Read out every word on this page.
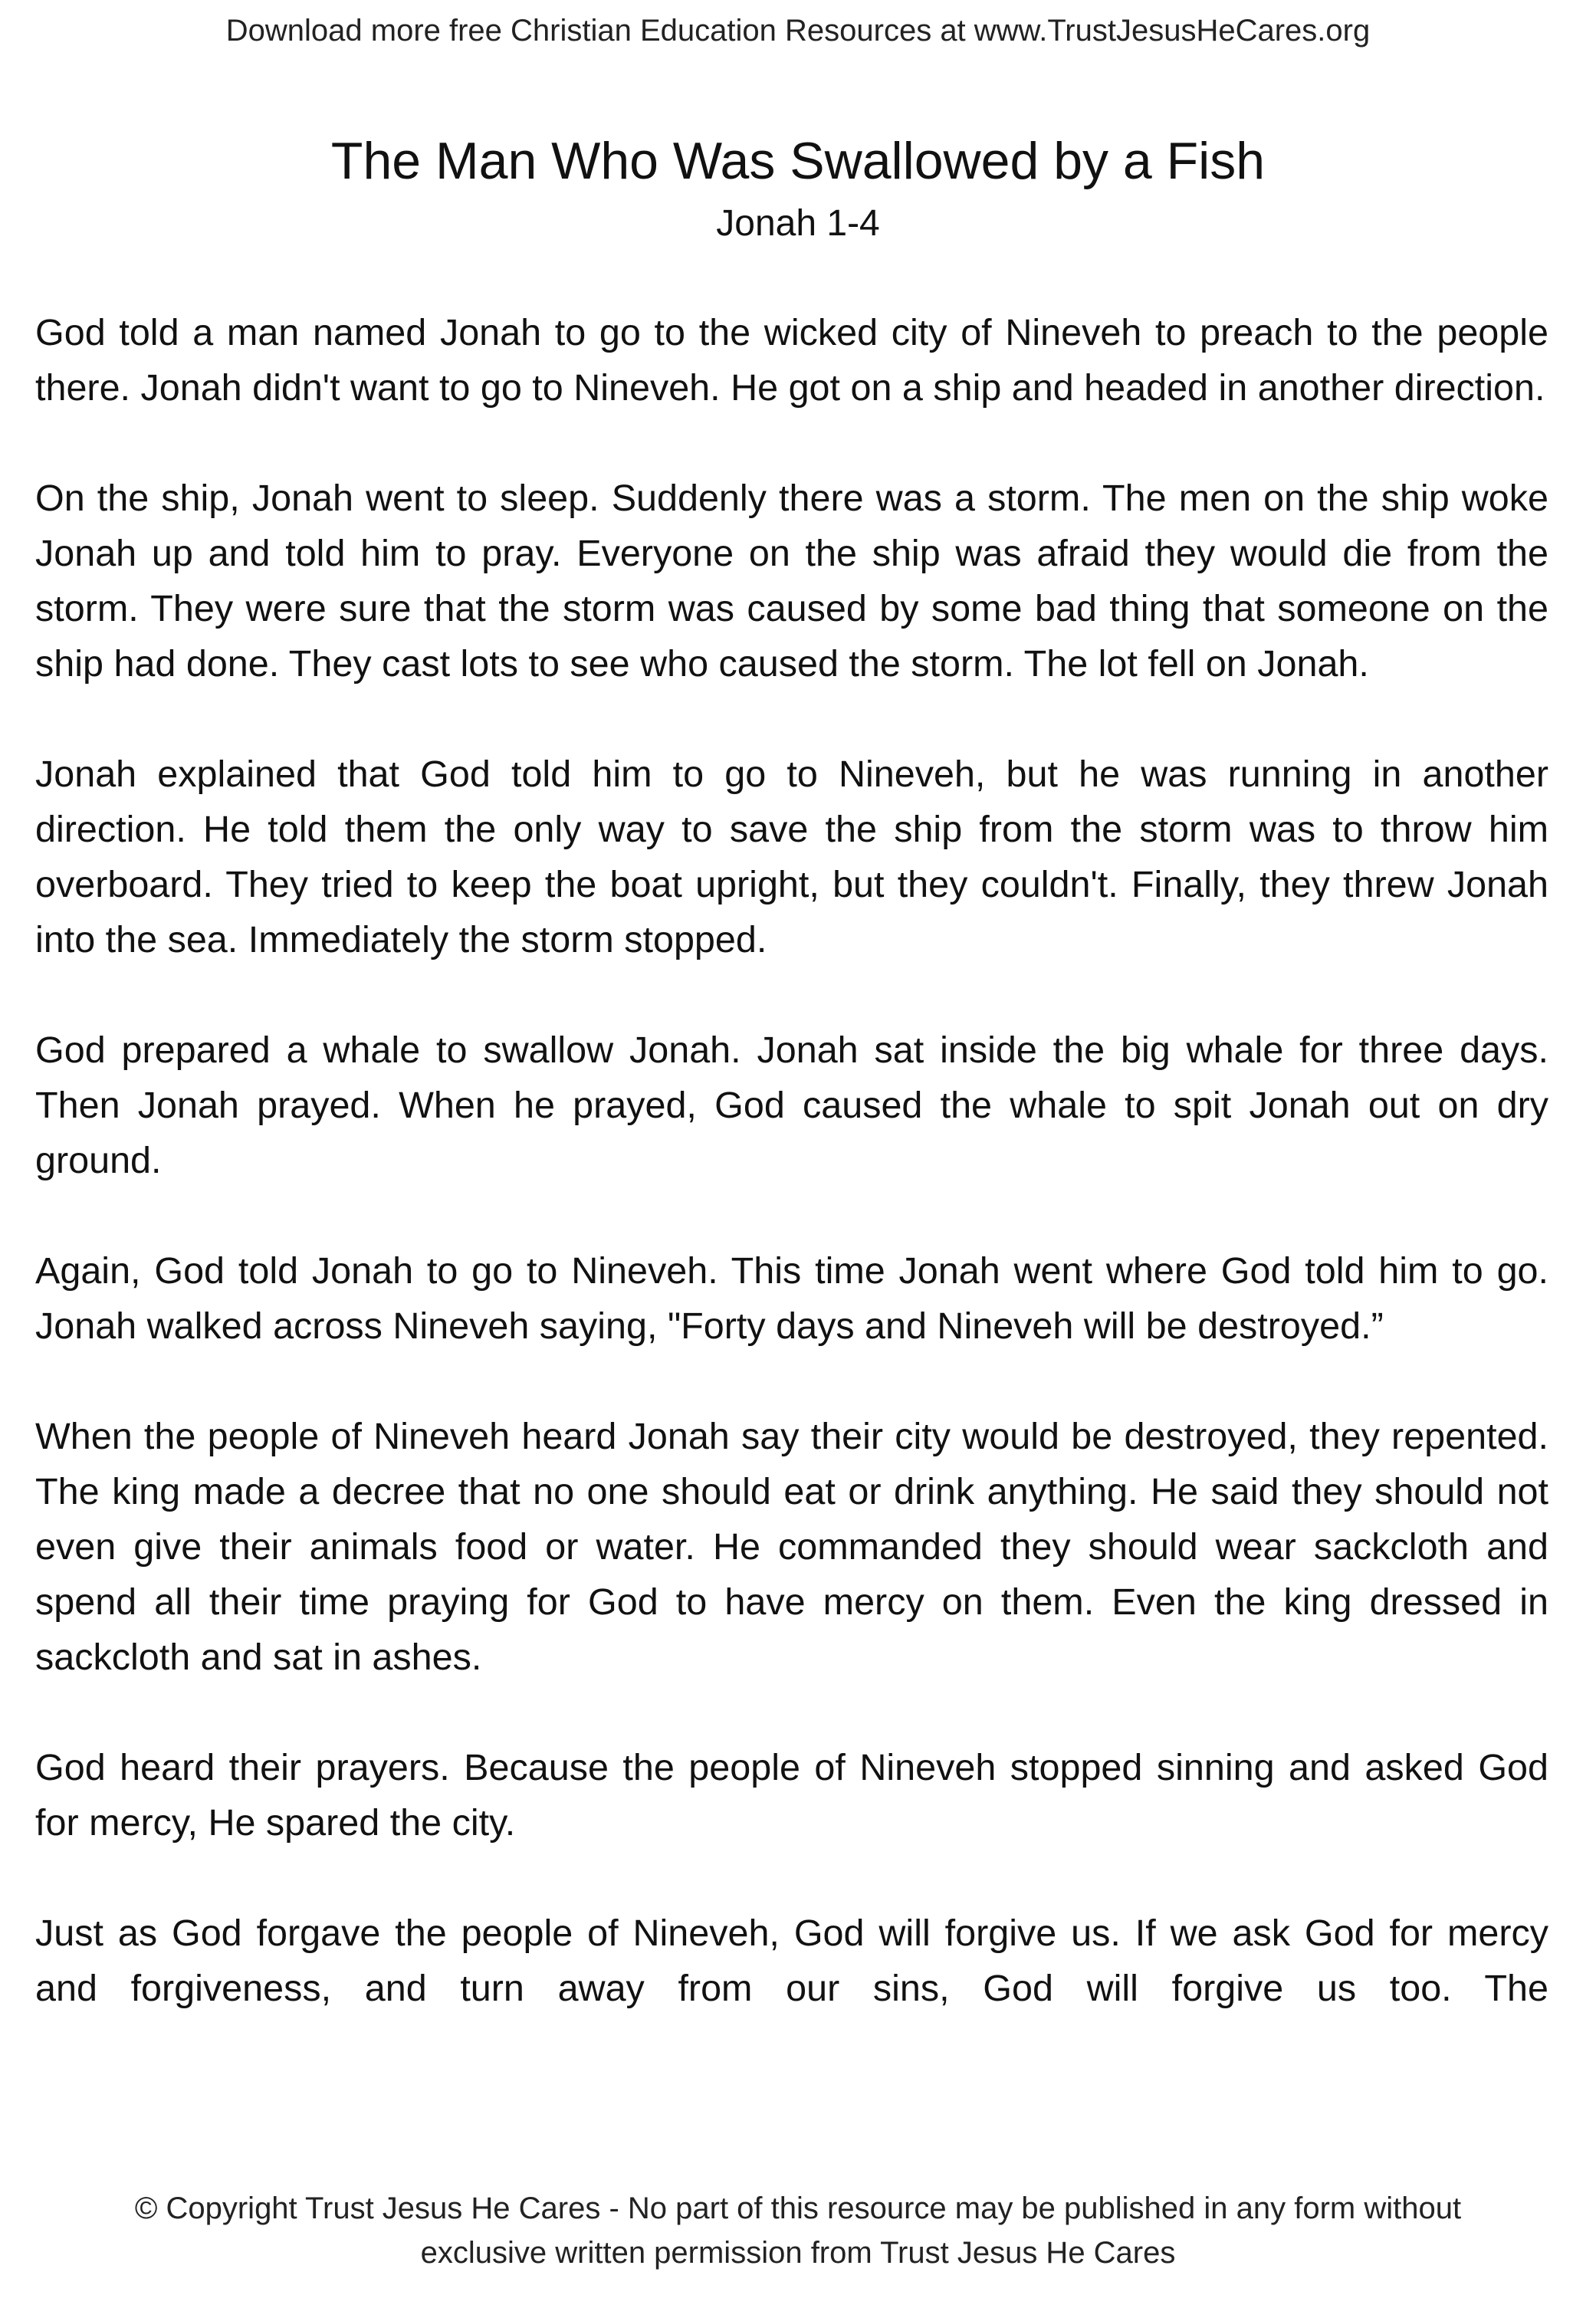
Download more free Christian Education Resources at www.TrustJesusHeCares.org
The Man Who Was Swallowed by a Fish
Jonah 1-4

God told a man named Jonah to go to the wicked city of Nineveh to preach to the people there. Jonah didn't want to go to Nineveh. He got on a ship and headed in another direction.

On the ship, Jonah went to sleep. Suddenly there was a storm. The men on the ship woke Jonah up and told him to pray. Everyone on the ship was afraid they would die from the storm. They were sure that the storm was caused by some bad thing that someone on the ship had done. They cast lots to see who caused the storm. The lot fell on Jonah.

Jonah explained that God told him to go to Nineveh, but he was running in another direction. He told them the only way to save the ship from the storm was to throw him overboard. They tried to keep the boat upright, but they couldn't. Finally, they threw Jonah into the sea. Immediately the storm stopped.

God prepared a whale to swallow Jonah. Jonah sat inside the big whale for three days. Then Jonah prayed. When he prayed, God caused the whale to spit Jonah out on dry ground.

Again, God told Jonah to go to Nineveh. This time Jonah went where God told him to go. Jonah walked across Nineveh saying, "Forty days and Nineveh will be destroyed.”

When the people of Nineveh heard Jonah say their city would be destroyed, they repented. The king made a decree that no one should eat or drink anything. He said they should not even give their animals food or water. He commanded they should wear sackcloth and spend all their time praying for God to have mercy on them. Even the king dressed in sackcloth and sat in ashes.

God heard their prayers. Because the people of Nineveh stopped sinning and asked God for mercy, He spared the city.

Just as God forgave the people of Nineveh, God will forgive us. If we ask God for mercy and forgiveness, and turn away from our sins, God will forgive us too. The

© Copyright Trust Jesus He Cares - No part of this resource may be published in any form without
exclusive written permission from Trust Jesus He Cares
